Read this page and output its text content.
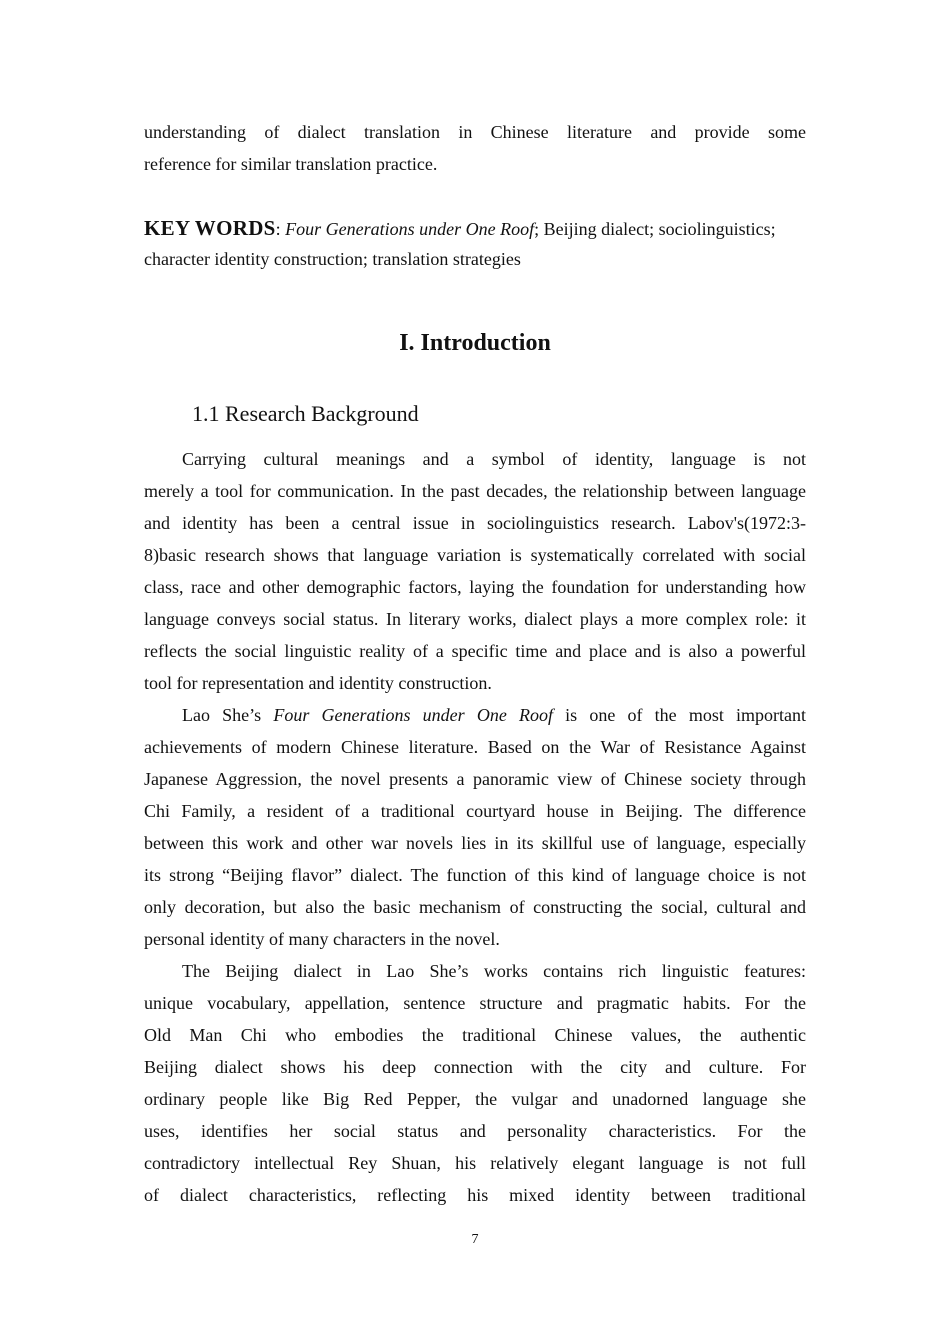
understanding of dialect translation in Chinese literature and provide some
reference for similar translation practice.
KEY WORDS: Four Generations under One Roof; Beijing dialect; sociolinguistics;
character identity construction; translation strategies
I. Introduction
1.1 Research Background
Carrying cultural meanings and a symbol of identity, language is not
merely a tool for communication. In the past decades, the relationship between language
and identity has been a central issue in sociolinguistics research. Labov's(1972:3-
8)basic research shows that language variation is systematically correlated with social
class, race and other demographic factors, laying the foundation for understanding how
language conveys social status. In literary works, dialect plays a more complex role: it
reflects the social linguistic reality of a specific time and place and is also a powerful
tool for representation and identity construction.
Lao She’s Four Generations under One Roof is one of the most important
achievements of modern Chinese literature. Based on the War of Resistance Against
Japanese Aggression, the novel presents a panoramic view of Chinese society through
Chi Family, a resident of a traditional courtyard house in Beijing. The difference
between this work and other war novels lies in its skillful use of language, especially
its strong “Beijing flavor” dialect. The function of this kind of language choice is not
only decoration, but also the basic mechanism of constructing the social, cultural and
personal identity of many characters in the novel.
The Beijing dialect in Lao She’s works contains rich linguistic features:
unique vocabulary, appellation, sentence structure and pragmatic habits. For the
Old Man Chi who embodies the traditional Chinese values, the authentic
Beijing dialect shows his deep connection with the city and culture. For
ordinary people like Big Red Pepper, the vulgar and unadorned language she
uses, identifies her social status and personality characteristics. For the
contradictory intellectual Rey Shuan, his relatively elegant language is not full
of dialect characteristics, reflecting his mixed identity between traditional
7
